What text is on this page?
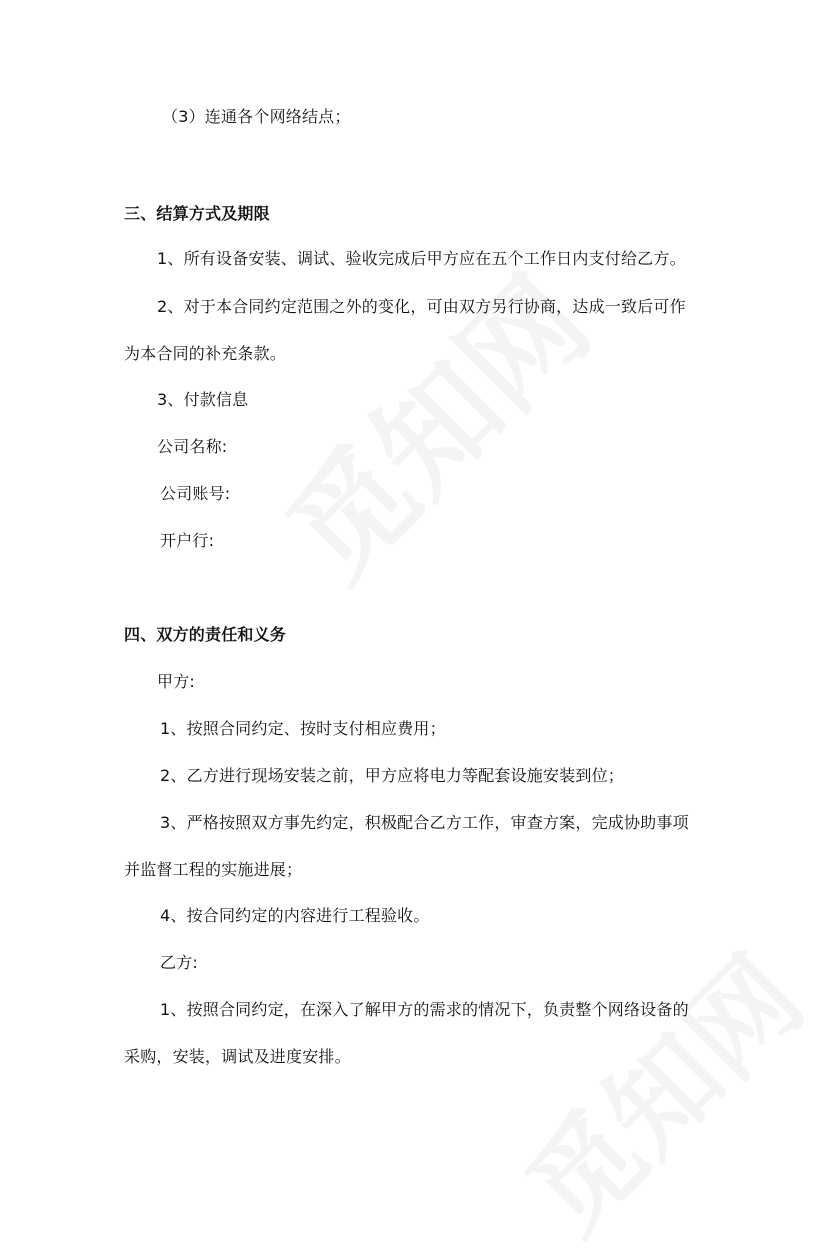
（3）连通各个网络结点；
三、结算方式及期限
1、所有设备安装、调试、验收完成后甲方应在五个工作日内支付给乙方。
2、对于本合同约定范围之外的变化，可由双方另行协商，达成一致后可作
为本合同的补充条款。
3、付款信息
公司名称:
公司账号:
开户行:
四、双方的责任和义务
甲方:
1、按照合同约定、按时支付相应费用；
2、乙方进行现场安装之前，甲方应将电力等配套设施安装到位；
3、严格按照双方事先约定，积极配合乙方工作，审查方案，完成协助事项
并监督工程的实施进展；
4、按合同约定的内容进行工程验收。
乙方:
1、按照合同约定，在深入了解甲方的需求的情况下，负责整个网络设备的
采购，安装，调试及进度安排。
